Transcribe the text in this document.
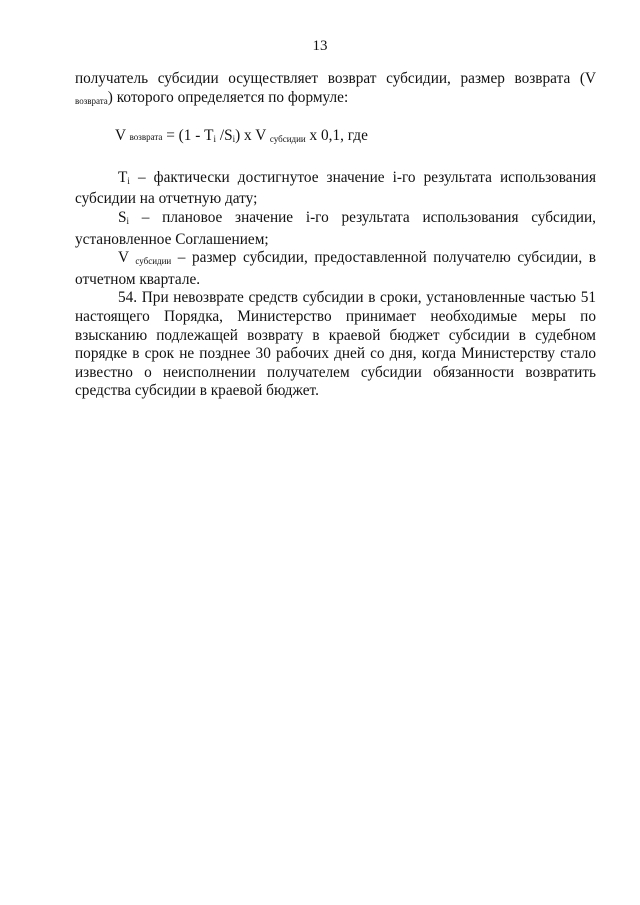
13

получатель субсидии осуществляет возврат субсидии, размер возврата (V возврата) которого определяется по формуле:

V возврата = (1 - Ti /Si) x V субсидии x 0,1, где

Ti – фактически достигнутое значение i-го результата использования субсидии на отчетную дату;

Si – плановое значение i-го результата использования субсидии, установленное Соглашением;

V субсидии – размер субсидии, предоставленной получателю субсидии, в отчетном квартале.

54. При невозврате средств субсидии в сроки, установленные частью 51 настоящего Порядка, Министерство принимает необходимые меры по взысканию подлежащей возврату в краевой бюджет субсидии в судебном порядке в срок не позднее 30 рабочих дней со дня, когда Министерству стало известно о неисполнении получателем субсидии обязанности возвратить средства субсидии в краевой бюджет.
